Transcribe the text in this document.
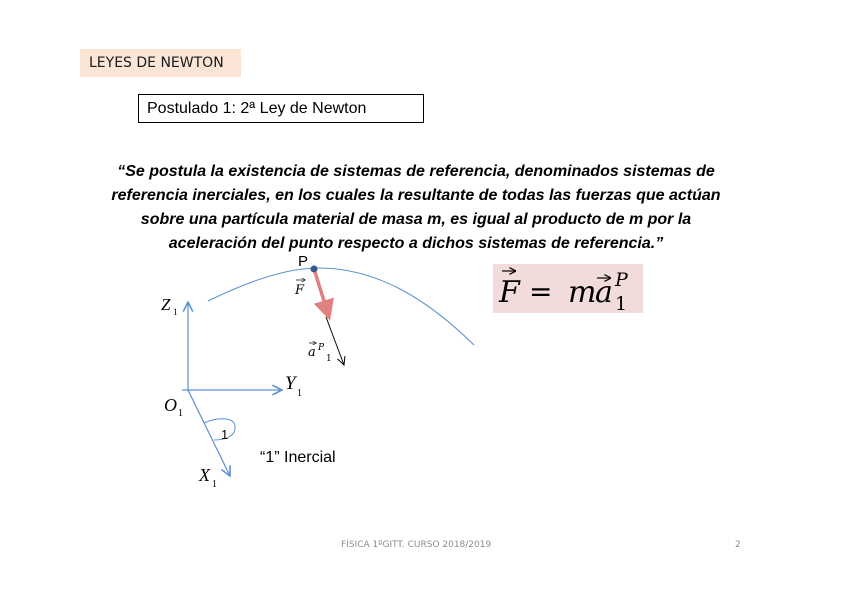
LEYES DE NEWTON
Postulado 1: 2ª Ley de Newton
“Se postula la existencia de sistemas de referencia, denominados sistemas de referencia inerciales, en los cuales la resultante de todas las fuerzas que actúan sobre una partícula material de masa m, es igual al producto de m por la aceleración del punto respecto a dichos sistemas de referencia.”
F = m
a P
1
P
F
a P
1
Z 1
Y 1
O 1
X 1
1
“1” Inercial
FÍSICA 1ºGITT. CURSO 2018/2019	2
